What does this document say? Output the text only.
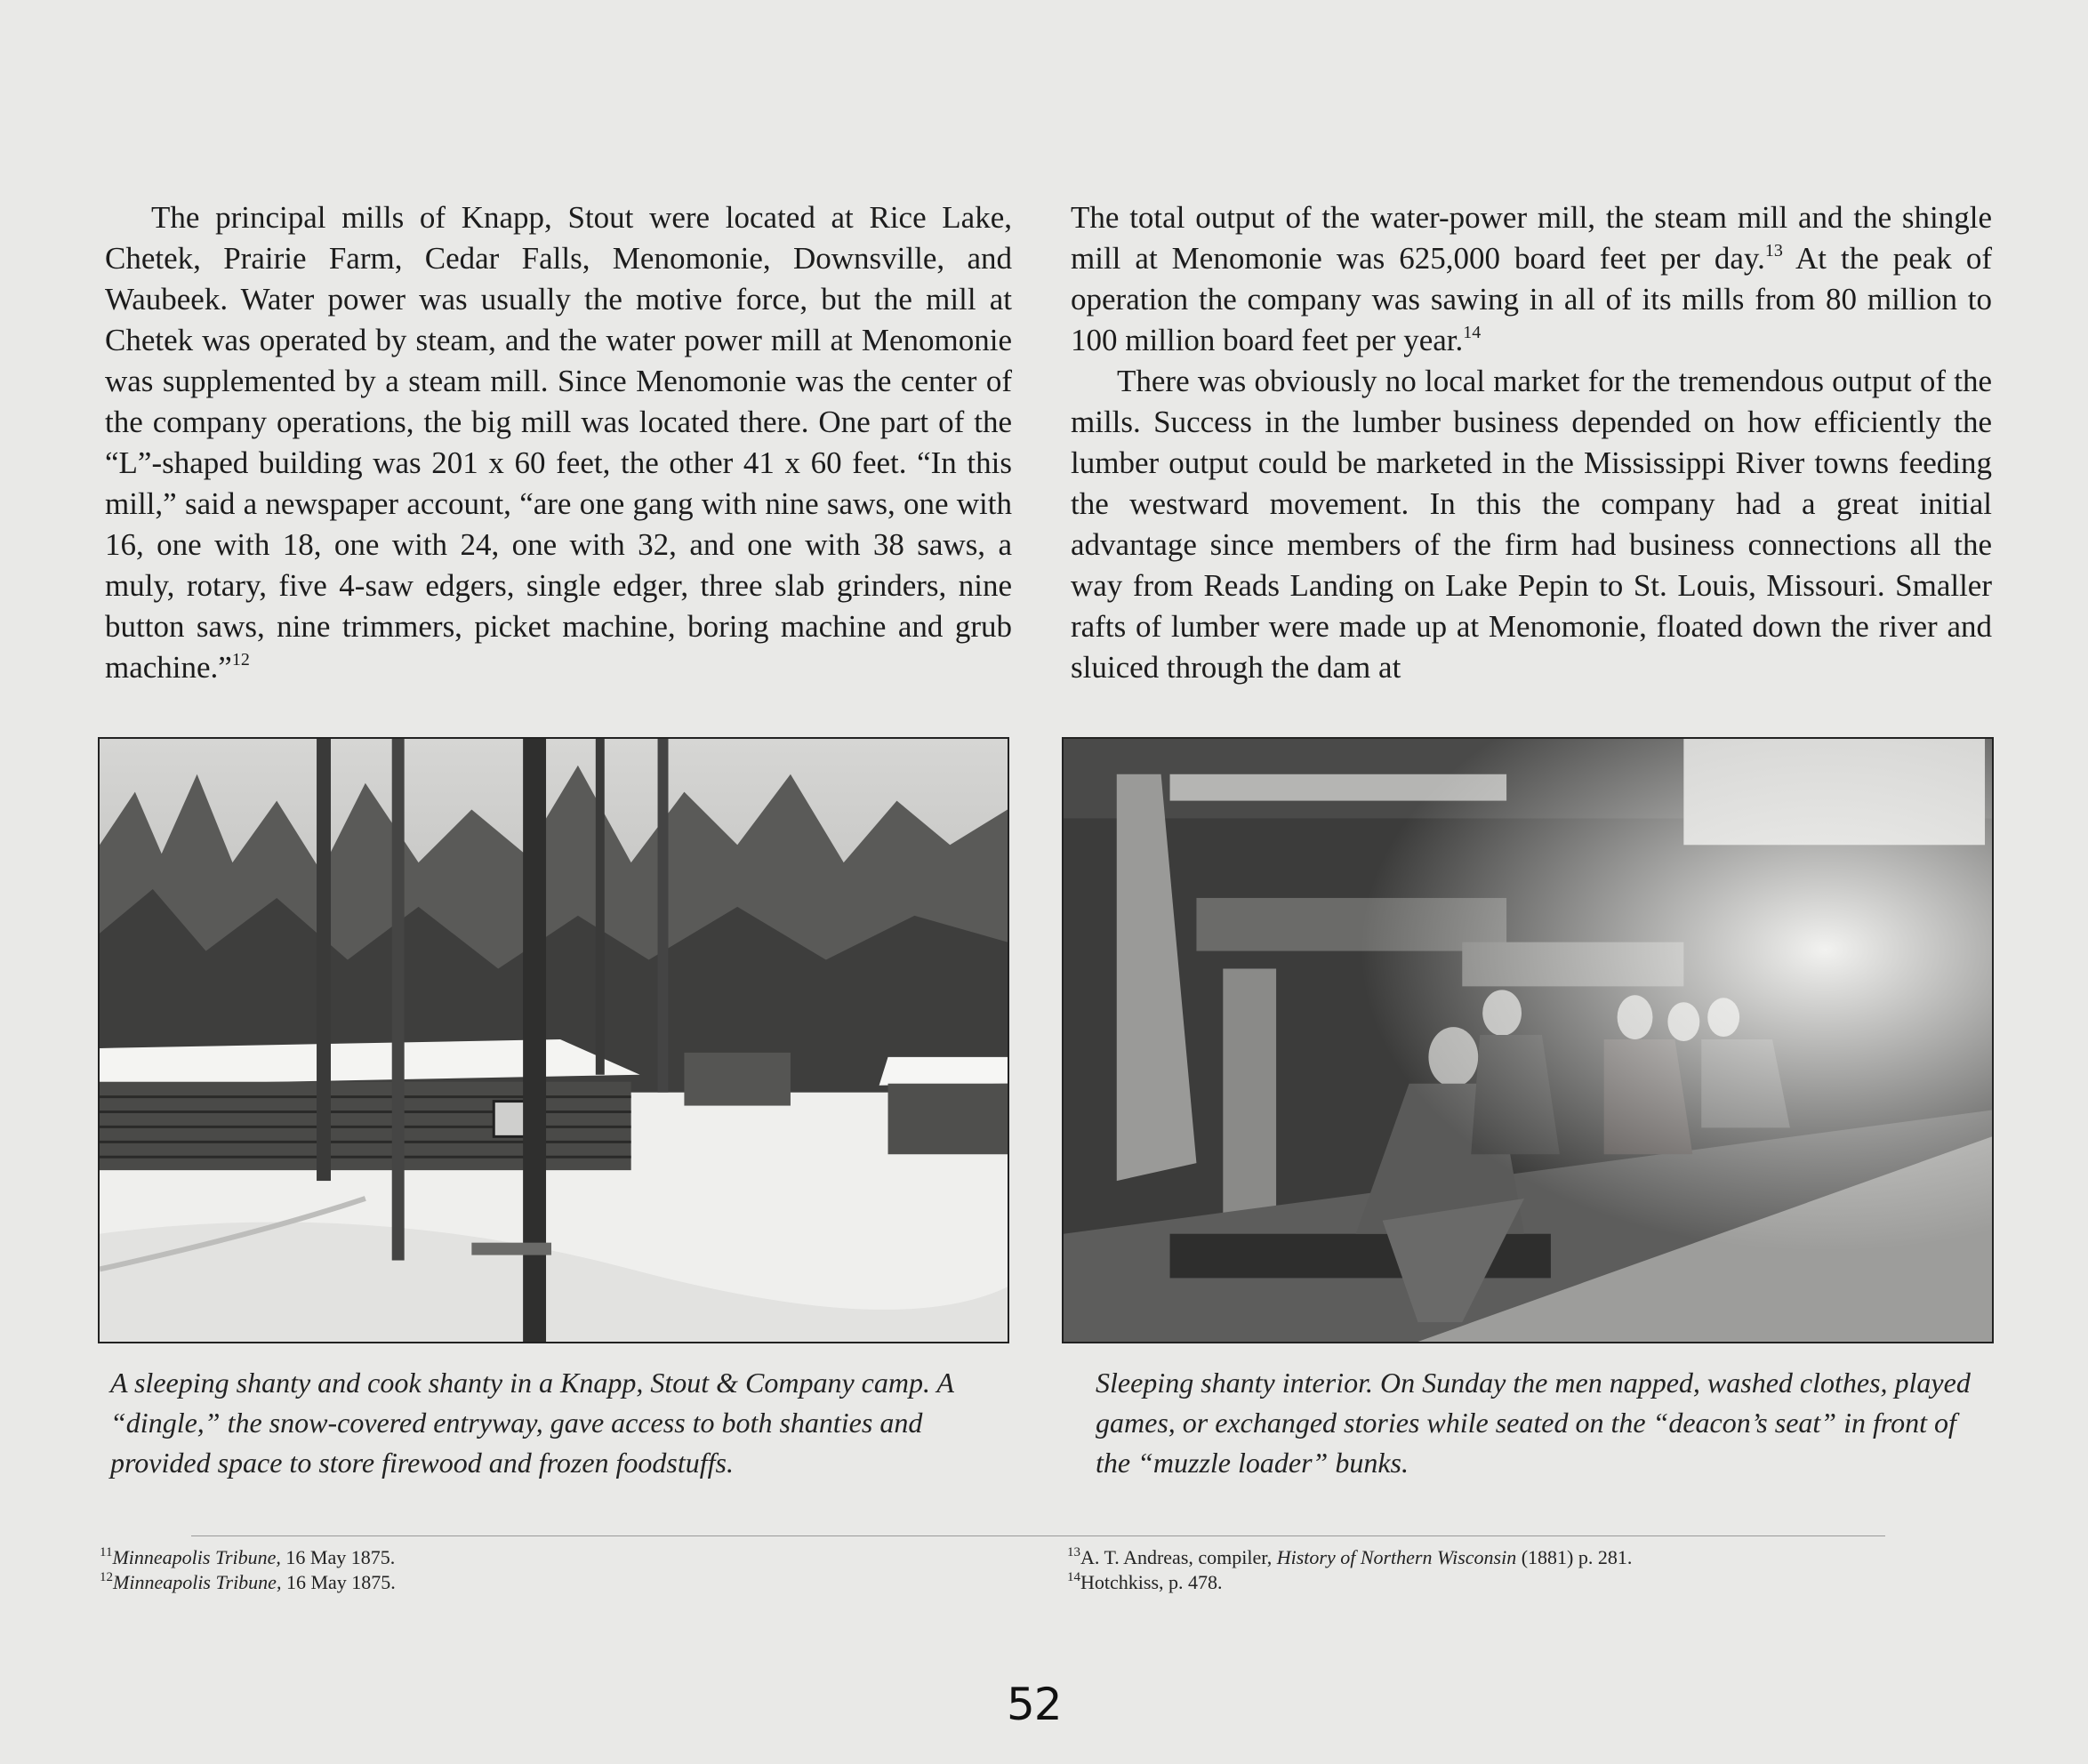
The principal mills of Knapp, Stout were located at Rice Lake, Chetek, Prairie Farm, Cedar Falls, Menomonie, Downsville, and Waubeek. Water power was usually the motive force, but the mill at Chetek was operated by steam, and the water power mill at Menomonie was supplemented by a steam mill. Since Menomonie was the center of the company operations, the big mill was located there. One part of the “L”-shaped building was 201 x 60 feet, the other 41 x 60 feet. “In this mill,” said a newspaper account, “are one gang with nine saws, one with 16, one with 18, one with 24, one with 32, and one with 38 saws, a muly, rotary, five 4-saw edgers, single edger, three slab grinders, nine button saws, nine trimmers, picket machine, boring machine and grub machine.”$^{12}$

The total output of the water-power mill, the steam mill and the shingle mill at Menomonie was 625,000 board feet per day.$^{13}$ At the peak of operation the company was sawing in all of its mills from 80 million to 100 million board feet per year.$^{14}$

There was obviously no local market for the tremendous output of the mills. Success in the lumber business depended on how efficiently the lumber output could be marketed in the Mississippi River towns feeding the westward movement. In this the company had a great initial advantage since members of the firm had business connections all the way from Reads Landing on Lake Pepin to St. Louis, Missouri. Smaller rafts of lumber were made up at Menomonie, floated down the river and sluiced through the dam at

A sleeping shanty and cook shanty in a Knapp, Stout & Company camp. A “dingle,” the snow-covered entryway, gave access to both shanties and provided space to store firewood and frozen foodstuffs.

Sleeping shanty interior. On Sunday the men napped, washed clothes, played games, or exchanged stories while seated on the “deacon’s seat” in front of the “muzzle loader” bunks.

$^{11}$Minneapolis Tribune, 16 May 1875.
$^{12}$Minneapolis Tribune, 16 May 1875.
$^{13}$A. T. Andreas, compiler, History of Northern Wisconsin (1881) p. 281.
$^{14}$Hotchkiss, p. 478.
52
